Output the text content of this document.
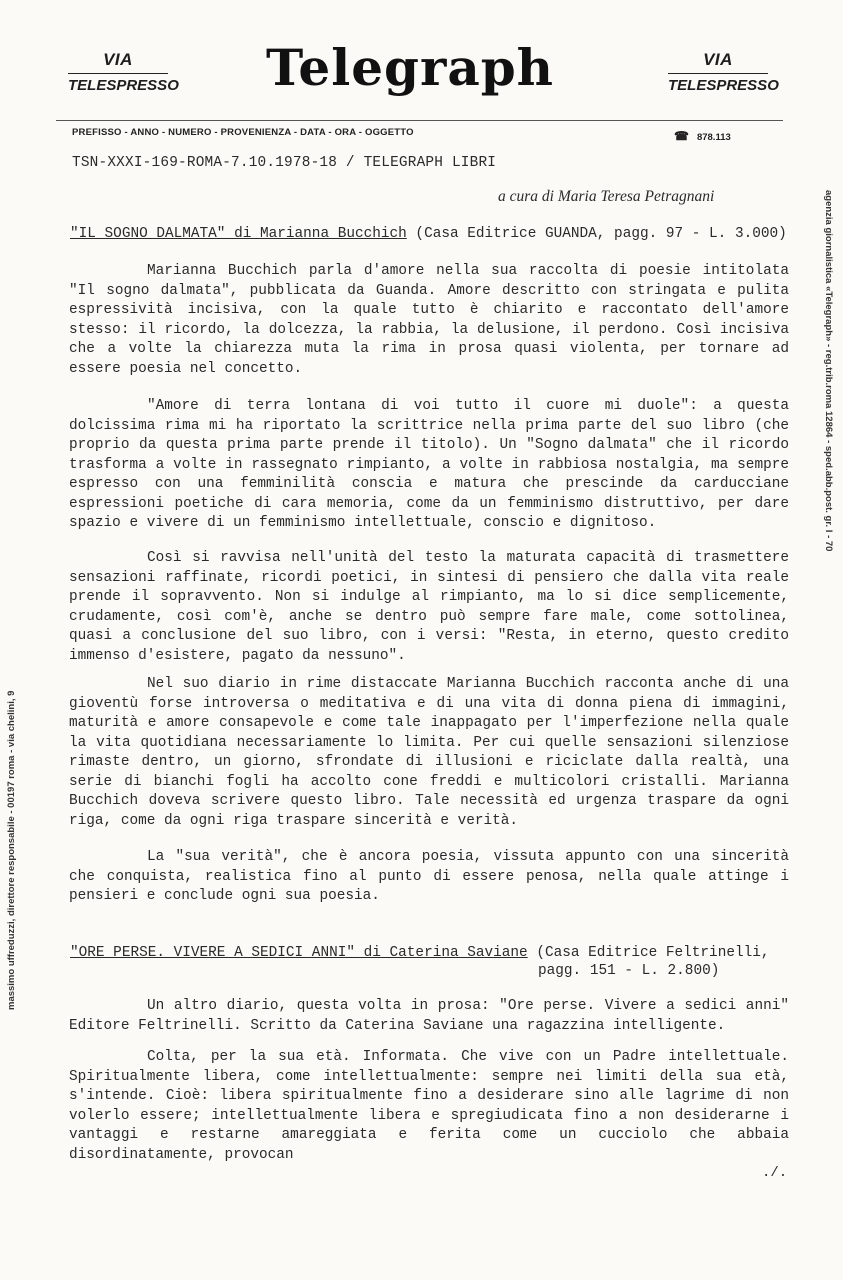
VIA
TELESPRESSO	Telegraph	VIA
TELESPRESSO
PREFISSO - ANNO - NUMERO - PROVENIENZA - DATA - ORA - OGGETTO	☎ 878.113
TSN-XXXI-169-ROMA-7.10.1978-18 / TELEGRAPH LIBRI
a cura di Maria Teresa Petragnani
"IL SOGNO DALMATA" di Marianna Bucchich (Casa Editrice GUANDA, pagg. 97 - L. 3.000)
Marianna Bucchich parla d'amore nella sua raccolta di poesie intitolata "Il sogno dalmata", pubblicata da Guanda. Amore descritto con stringata e pulita espressività incisiva, con la quale tutto è chiarito e raccontato dell'amore stesso: il ricordo, la dolcezza, la rabbia, la delusione, il perdono. Così incisiva che a volte la chiarezza muta la rima in prosa quasi violenta, per tornare ad essere poesia nel concetto.
"Amore di terra lontana di voi tutto il cuore mi duole": a questa dolcissima rima mi ha riportato la scrittrice nella prima parte del suo libro (che proprio da questa prima parte prende il titolo). Un "Sogno dalmata" che il ricordo trasforma a volte in rassegnato rimpianto, a volte in rabbiosa nostalgia, ma sempre espresso con una femminilità conscia e matura che prescinde da carducciane espressioni poetiche di cara memoria, come da un femminismo distruttivo, per dare spazio e vivere di un femminismo intellettuale, conscio e dignitoso.
Così si ravvisa nell'unità del testo la maturata capacità di trasmettere sensazioni raffinate, ricordi poetici, in sintesi di pensiero che dalla vita reale prende il sopravvento. Non si indulge al rimpianto, ma lo si dice semplicemente, crudamente, così com'è, anche se dentro può sempre fare male, come sottolinea, quasi a conclusione del suo libro, con i versi: "Resta, in eterno, questo credito immenso d'esistere, pagato da nessuno".
Nel suo diario in rime distaccate Marianna Bucchich racconta anche di una gioventù forse introversa o meditativa e di una vita di donna piena di immagini, maturità e amore consapevole e come tale inappagato per l'imperfezione nella quale la vita quotidiana necessariamente lo limita. Per cui quelle sensazioni silenziose rimaste dentro, un giorno, sfrondate di illusioni e riciclate dalla realtà, una serie di bianchi fogli ha accolto cone freddi e multicolori cristalli. Marianna Bucchich doveva scrivere questo libro. Tale necessità ed urgenza traspare da ogni riga, come da ogni riga traspare sincerità e verità.
La "sua verità", che è ancora poesia, vissuta appunto con una sincerità che conquista, realistica fino al punto di essere penosa, nella quale attinge i pensieri e conclude ogni sua poesia.
"ORE PERSE. VIVERE A SEDICI ANNI" di Caterina Saviane (Casa Editrice Feltrinelli,
pagg. 151 - L. 2.800)
Un altro diario, questa volta in prosa: "Ore perse. Vivere a sedici anni" Editore Feltrinelli. Scritto da Caterina Saviane una ragazzina intelligente.
Colta, per la sua età. Informata. Che vive con un Padre intellettuale. Spiritualmente libera, come intellettualmente: sempre nei limiti della sua età, s'intende. Cioè: libera spiritualmente fino a desiderare sino alle lagrime di non volerlo essere; intellettualmente libera e spregiudicata fino a non desiderarne i vantaggi e restarne amareggiata e ferita come un cucciolo che abbaia disordinatamente, provocan
./.
massimo uffreduzzi, direttore responsabile - 00197 roma - via chelini, 9
agenzia giornalistica «Telegraph» - reg.trib.roma 12864 - sped.abb.post. gr. I - 70
